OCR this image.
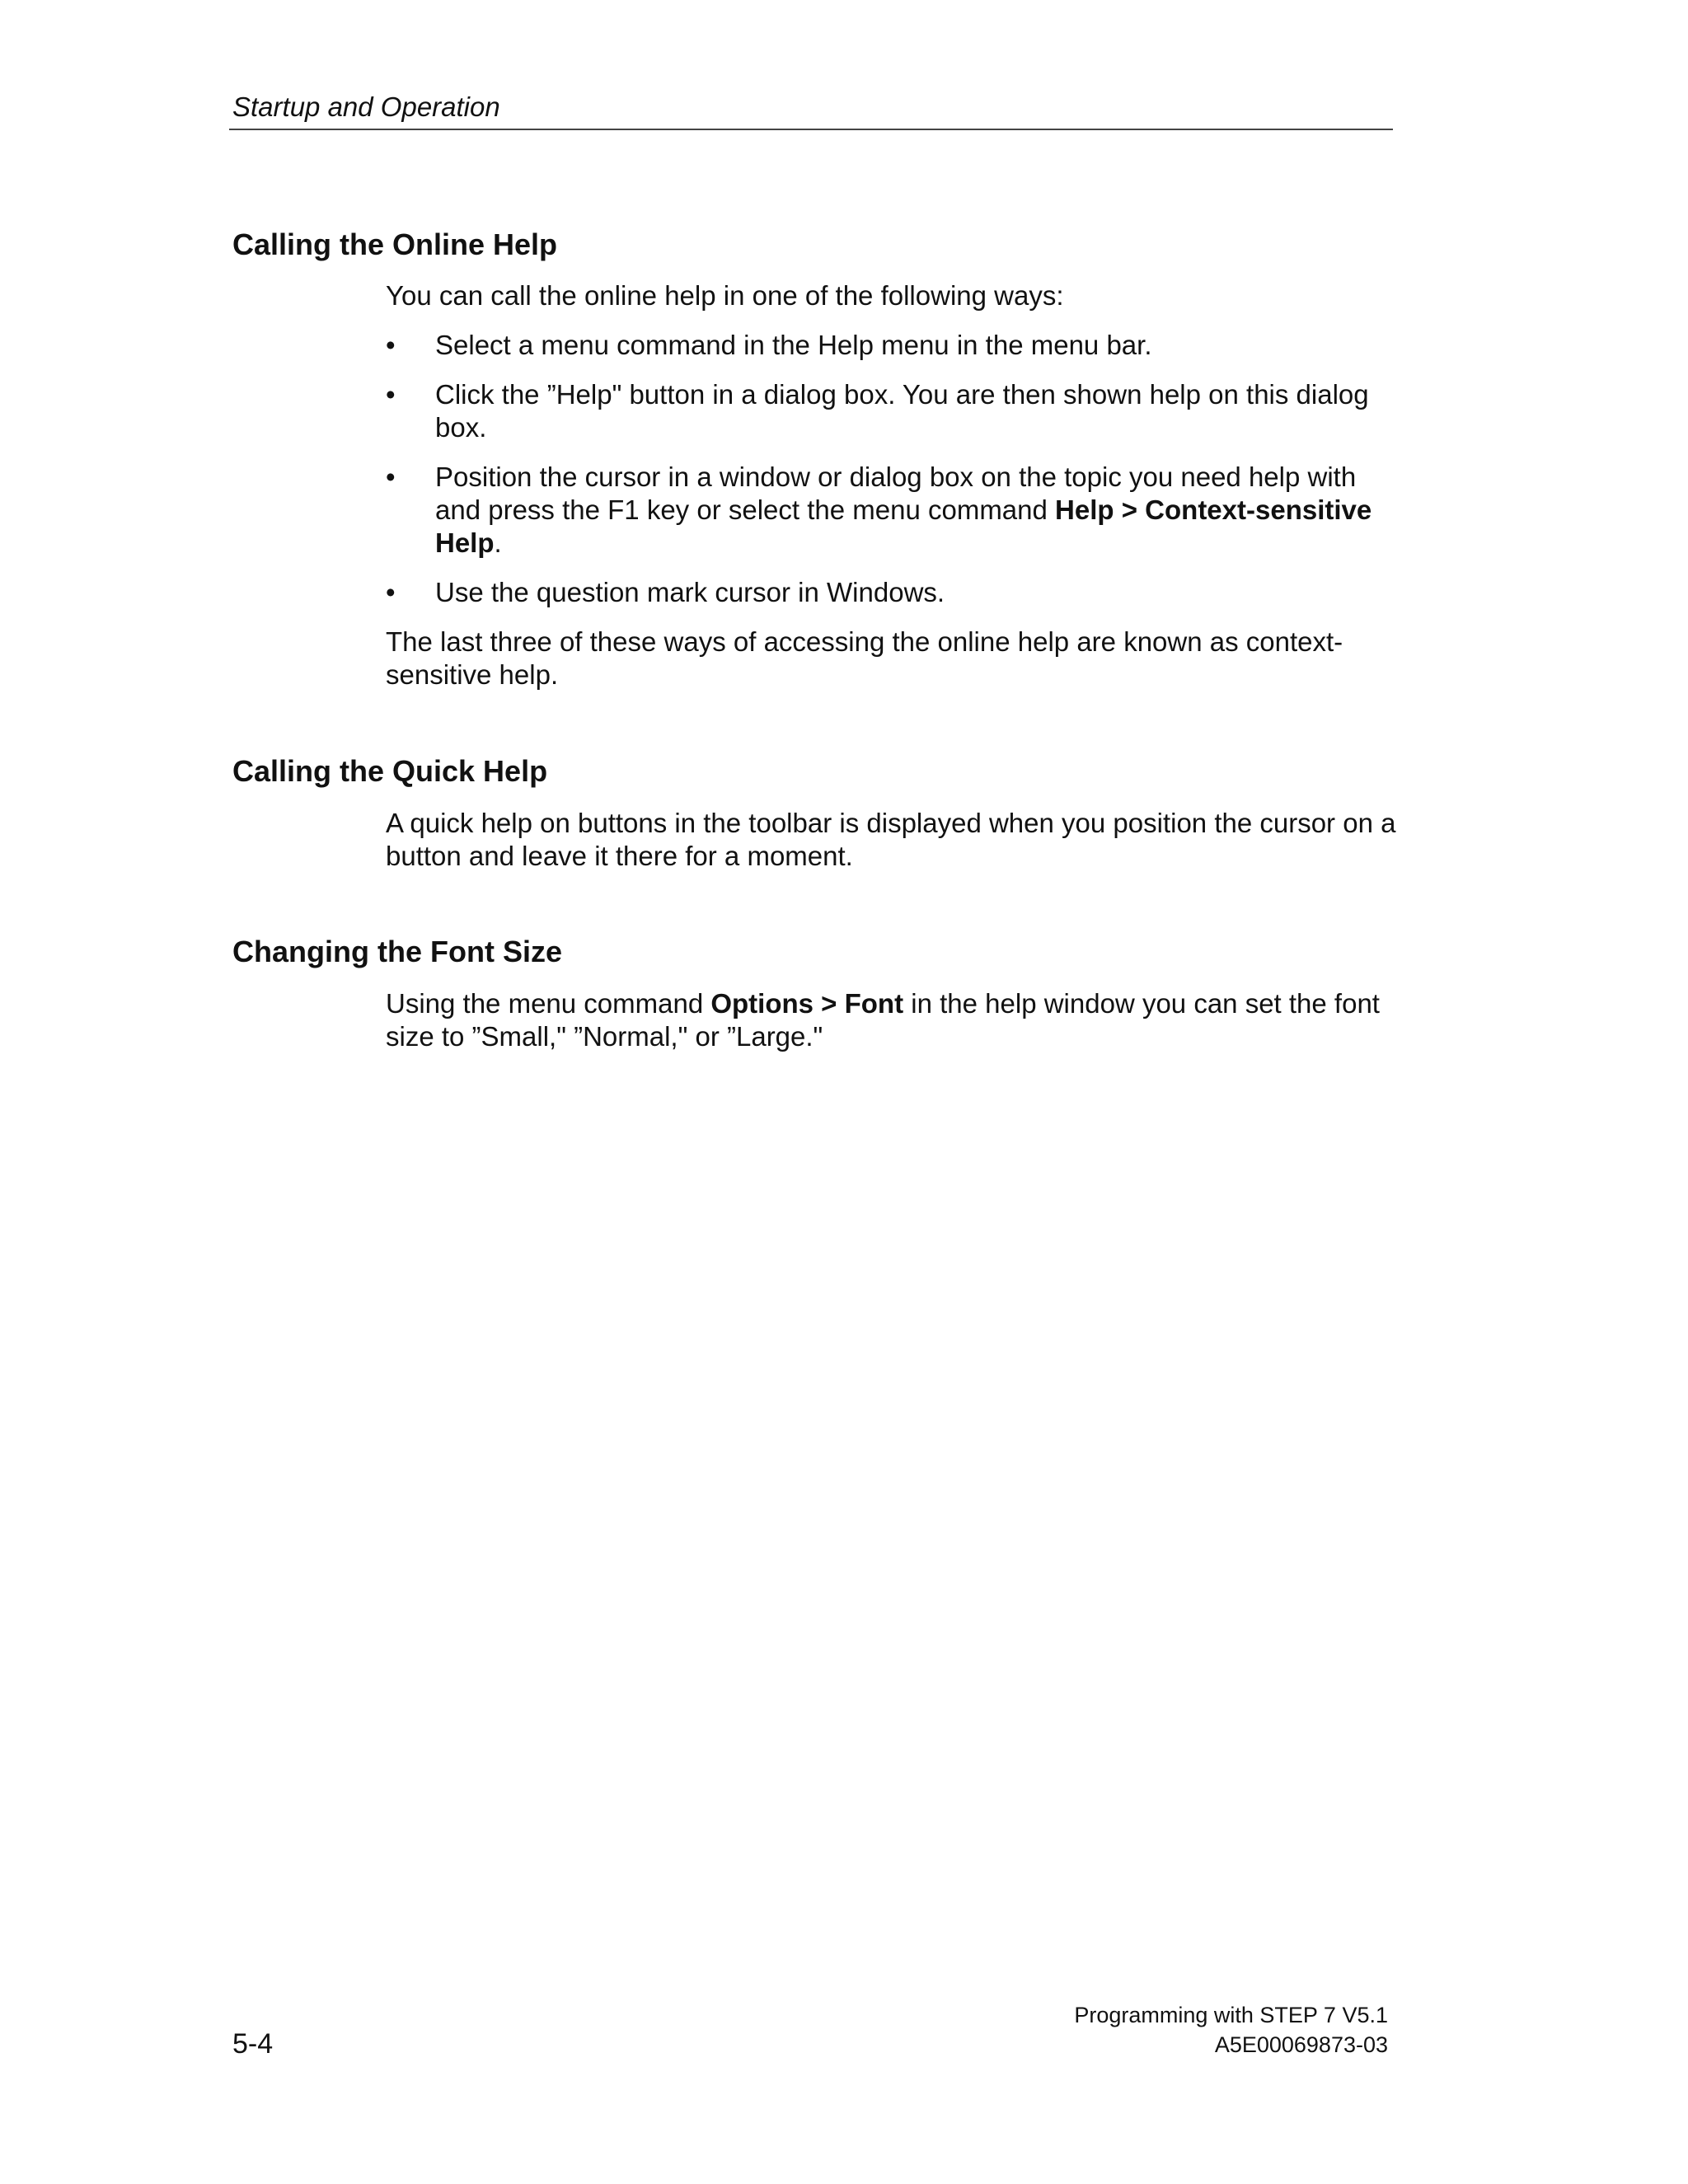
Startup and Operation
Calling the Online Help

You can call the online help in one of the following ways:

•	Select a menu command in the Help menu in the menu bar.
•	Click the ”Help" button in a dialog box. You are then shown help on this dialog box.
•	Position the cursor in a window or dialog box on the topic you need help with and press the F1 key or select the menu command Help > Context-sensitive Help.
•	Use the question mark cursor in Windows.

The last three of these ways of accessing the online help are known as context-sensitive help.

Calling the Quick Help

A quick help on buttons in the toolbar is displayed when you position the cursor on a button and leave it there for a moment.

Changing the Font Size

Using the menu command Options > Font in the help window you can set the font size to ”Small," ”Normal," or ”Large."

Programming with STEP 7 V5.1
5-4	A5E00069873-03
